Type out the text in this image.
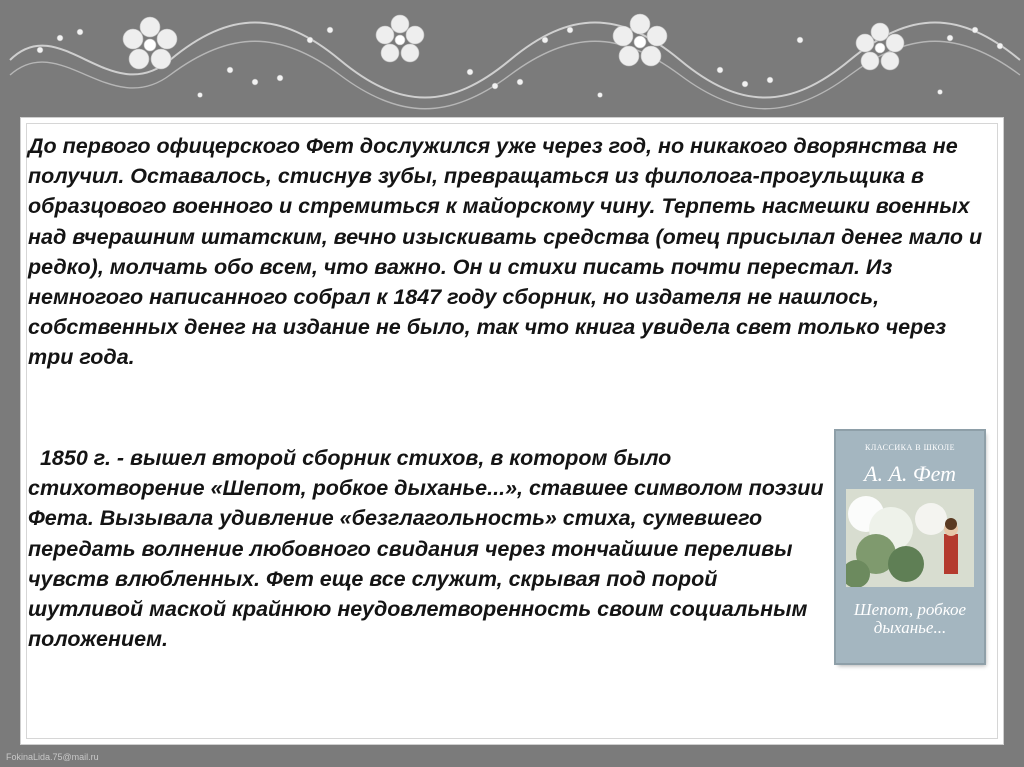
До первого офицерского Фет дослужился уже через год, но никакого дворянства не получил. Оставалось, стиснув зубы, превращаться из филолога-прогульщика в образцового военного и стремиться к майорскому чину. Терпеть насмешки военных над вчерашним штатским, вечно изыскивать средства (отец присылал денег мало и редко), молчать обо всем, что важно. Он и стихи писать почти перестал. Из немногого написанного собрал к 1847 году сборник, но издателя не нашлось, собственных денег на издание не было, так что книга увидела свет только через три года.

1850 г. - вышел второй сборник стихов, в котором было стихотворение «Шепот, робкое дыханье...», ставшее символом поэзии Фета. Вызывала удивление «безглагольность» стиха, сумевшего передать волнение любовного свидания через тончайшие переливы чувств влюбленных. Фет еще все служит, скрывая под порой шутливой маской крайнюю неудовлетворенность своим социальным положением.

КЛАССИКА В ШКОЛЕ
А. А. Фет
Шепот, робкое дыханье...
FokinaLida.75@mail.ru
